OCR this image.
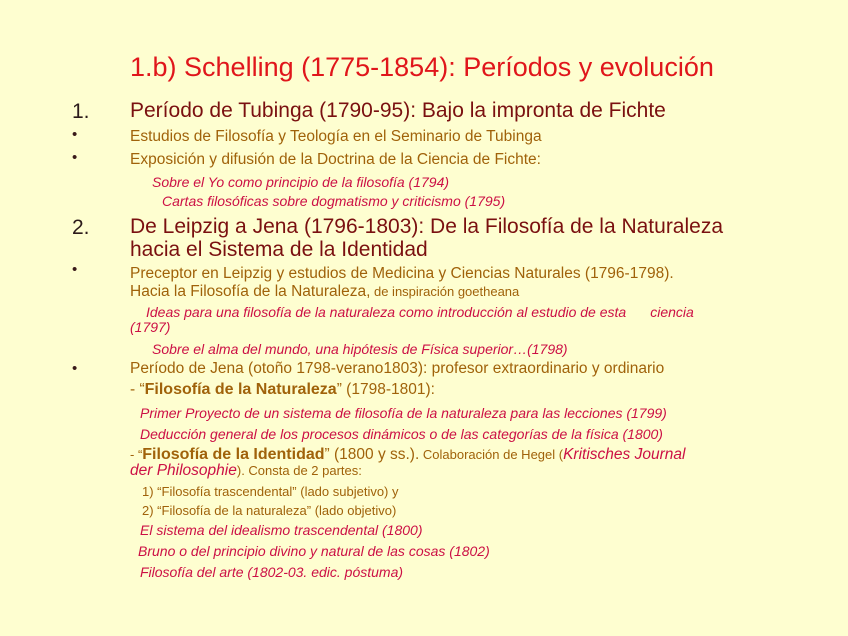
1.b) Schelling (1775-1854): Períodos y evolución
1. Período de Tubinga (1790-95): Bajo la impronta de Fichte
•	Estudios de Filosofía y Teología en el Seminario de Tubinga
•	Exposición y difusión de la Doctrina de la Ciencia de Fichte:
Sobre el Yo como principio de la filosofía (1794)
Cartas filosóficas sobre dogmatismo y criticismo (1795)
2. De Leipzig a Jena (1796-1803): De la Filosofía de la Naturaleza
hacia el Sistema de la Identidad
•	Preceptor en Leipzig y estudios de Medicina y Ciencias Naturales (1796-1798).
Hacia la Filosofía de la Naturaleza, de inspiración goetheana
Ideas para una filosofía de la naturaleza como introducción al estudio de esta ciencia
(1797)
Sobre el alma del mundo, una hipótesis de Física superior…(1798)
•	Período de Jena (otoño 1798-verano1803): profesor extraordinario y ordinario
- “Filosofía de la Naturaleza” (1798-1801):
Primer Proyecto de un sistema de filosofía de la naturaleza para las lecciones (1799)
Deducción general de los procesos dinámicos o de las categorías de la física (1800)
- “Filosofía de la Identidad” (1800 y ss.). Colaboración de Hegel (Kritisches Journal
der Philosophie). Consta de 2 partes:
1) “Filosofía trascendental” (lado subjetivo) y
2) “Filosofía de la naturaleza” (lado objetivo)
El sistema del idealismo trascendental (1800)
Bruno o del principio divino y natural de las cosas (1802)
Filosofía del arte (1802-03. edic. póstuma)
